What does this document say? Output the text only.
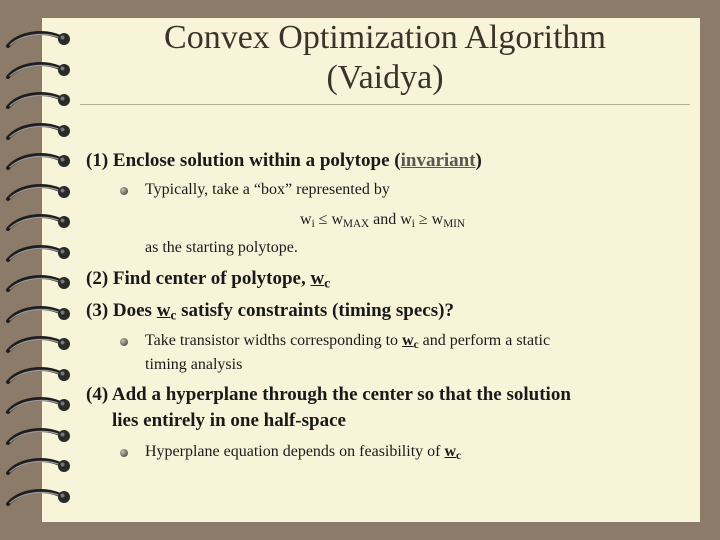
Convex Optimization Algorithm
(Vaidya)
(1) Enclose solution within a polytope (invariant)
Typically, take a “box” represented by
$w_i \le w_{MAX}$ and $w_i \ge w_{MIN}$
as the starting polytope.
(2) Find center of polytope, $w_c$
(3) Does $w_c$ satisfy constraints (timing specs)?
Take transistor widths corresponding to $w_c$ and perform a static
timing analysis
(4) Add a hyperplane through the center so that the solution
lies entirely in one half-space
Hyperplane equation depends on feasibility of $w_c$
